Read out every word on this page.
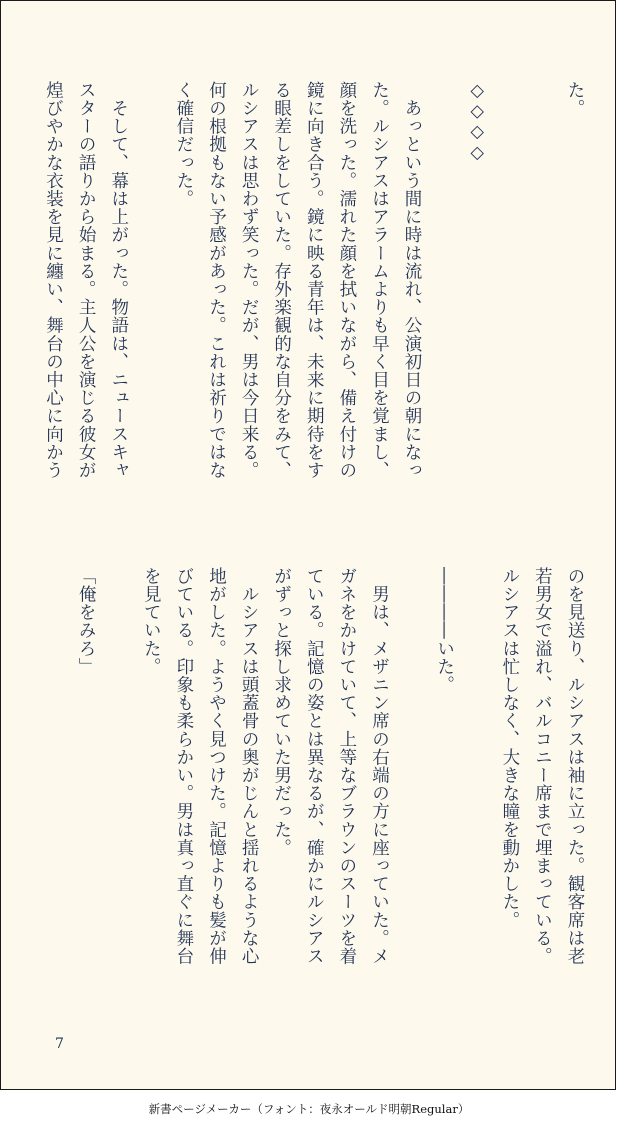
た。

◇◇◇◇

　あっという間に時は流れ、公演初日の朝になっ
た。ルシアスはアラームよりも早く目を覚まし、
顔を洗った。濡れた顔を拭いながら、備え付けの
鏡に向き合う。鏡に映る青年は、未来に期待をす
る眼差しをしていた。存外楽観的な自分をみて、
ルシアスは思わず笑った。だが、男は今日来る。
何の根拠もない予感があった。これは祈りではな
く確信だった。

　そして、幕は上がった。物語は、ニュースキャ
スターの語りから始まる。主人公を演じる彼女が
煌びやかな衣装を見に纏い、舞台の中心に向かう

のを見送り、ルシアスは袖に立った。観客席は老
若男女で溢れ、バルコニー席まで埋まっている。
ルシアスは忙しなく、大きな瞳を動かした。

――――いた。

　男は、メザニン席の右端の方に座っていた。メ
ガネをかけていて、上等なブラウンのスーツを着
ている。記憶の姿とは異なるが、確かにルシアス
がずっと探し求めていた男だった。
　ルシアスは頭蓋骨の奥がじんと揺れるような心
地がした。ようやく見つけた。記憶よりも髪が伸
びている。印象も柔らかい。男は真っ直ぐに舞台
を見ていた。

「俺をみろ」

7
新書ページメーカー（フォント：夜永オールド明朝Regular）
